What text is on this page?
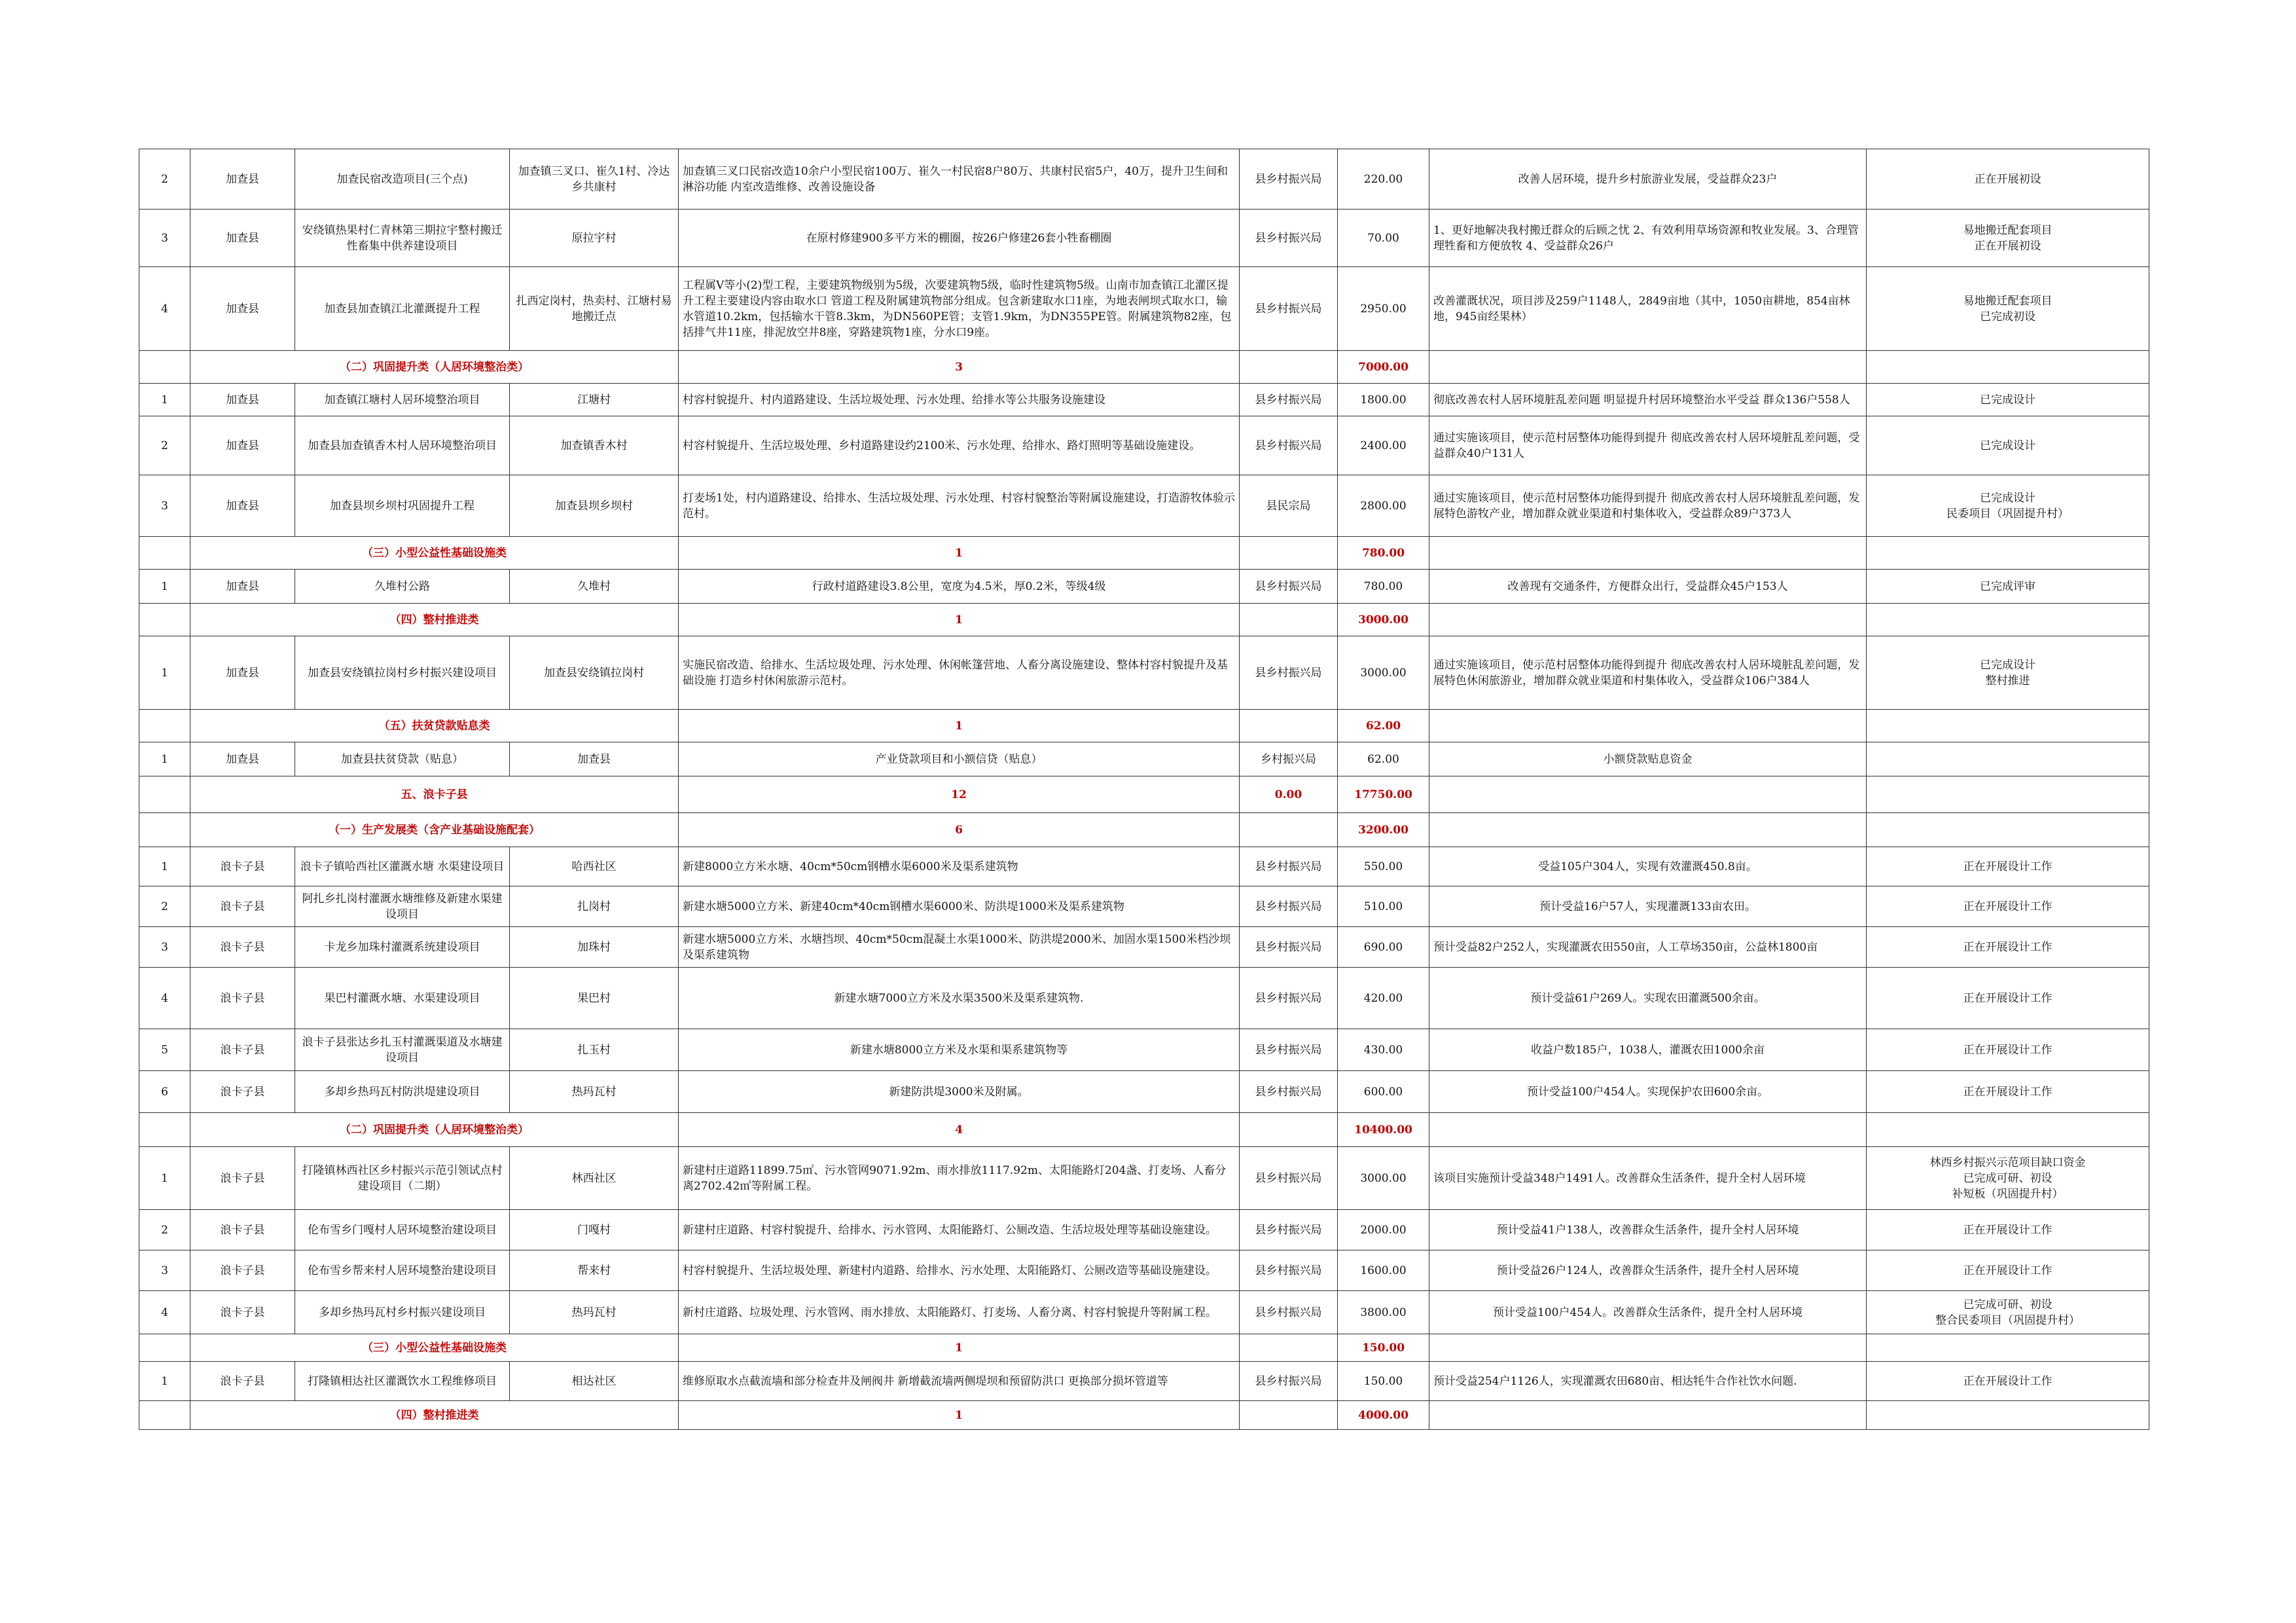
2	加查县	加查民宿改造项目(三个点)	加查镇三叉口、崔久1村、冷达乡共康村	加查镇三叉口民宿改造10余户小型民宿100万、崔久一村民宿8户80万、共康村民宿5户，40万，提升卫生间和淋浴功能 内室改造维修、改善设施设备	县乡村振兴局	220.00	改善人居环境，提升乡村旅游业发展，受益群众23户	正在开展初设
3	加查县	安绕镇热果村仁青林第三期拉宇整村搬迁性畜集中供养建设项目	原拉宇村	在原村修建900多平方米的棚圈，按26户修建26套小牲畜棚圈	县乡村振兴局	70.00	1、更好地解决我村搬迁群众的后顾之忧 2、有效利用草场资源和牧业发展。3、合理管理牲畜和方便放牧 4、受益群众26户	易地搬迁配套项目
正在开展初设
4	加查县	加查县加查镇江北灌溉提升工程	扎西定岗村，热卖村、江塘村易地搬迁点	工程属Ⅴ等小(2)型工程，主要建筑物级别为5级，次要建筑物5级，临时性建筑物5级。山南市加查镇江北灌区提升工程主要建设内容由取水口 管道工程及附属建筑物部分组成。包含新建取水口1座，为地表闸坝式取水口，输水管道10.2km，包括输水干管8.3km，为DN560PE管；支管1.9km，为DN355PE管。附属建筑物82座，包括排气井11座，排泥放空井8座，穿路建筑物1座，分水口9座。	县乡村振兴局	2950.00	改善灌溉状况，项目涉及259户1148人，2849亩地（其中，1050亩耕地，854亩林地，945亩经果林）	易地搬迁配套项目
已完成初设
	（二）巩固提升类（人居环境整治类）			3		7000.00		
1	加查县	加查镇江塘村人居环境整治项目	江塘村	村容村貌提升、村内道路建设、生活垃圾处理、污水处理、给排水等公共服务设施建设	县乡村振兴局	1800.00	彻底改善农村人居环境脏乱差问题 明显提升村居环境整治水平受益 群众136户558人	已完成设计
2	加查县	加查县加查镇香木村人居环境整治项目	加查镇香木村	村容村貌提升、生活垃圾处理、乡村道路建设约2100米、污水处理、给排水、路灯照明等基础设施建设。	县乡村振兴局	2400.00	通过实施该项目，使示范村居整体功能得到提升 彻底改善农村人居环境脏乱差问题，受益群众40户131人	已完成设计
3	加查县	加查县坝乡坝村巩固提升工程	加查县坝乡坝村	打麦场1处，村内道路建设、给排水、生活垃圾处理、污水处理、村容村貌整治等附属设施建设，打造游牧体验示范村。	县民宗局	2800.00	通过实施该项目，使示范村居整体功能得到提升 彻底改善农村人居环境脏乱差问题，发展特色游牧产业，增加群众就业渠道和村集体收入，受益群众89户373人	已完成设计
民委项目（巩固提升村）
	（三）小型公益性基础设施类			1		780.00		
1	加查县	久堆村公路	久堆村	行政村道路建设3.8公里，宽度为4.5米，厚0.2米，等级4级	县乡村振兴局	780.00	改善现有交通条件，方便群众出行，受益群众45户153人	已完成评审
	（四）整村推进类			1		3000.00		
1	加查县	加查县安绕镇拉岗村乡村振兴建设项目	加查县安绕镇拉岗村	实施民宿改造、给排水、生活垃圾处理、污水处理、休闲帐篷营地、人畜分离设施建设、整体村容村貌提升及基础设施 打造乡村休闲旅游示范村。	县乡村振兴局	3000.00	通过实施该项目，使示范村居整体功能得到提升 彻底改善农村人居环境脏乱差问题，发展特色休闲旅游业，增加群众就业渠道和村集体收入，受益群众106户384人	已完成设计
整村推进
	（五）扶贫贷款贴息类			1		62.00		
1	加查县	加查县扶贫贷款（贴息）	加查县	产业贷款项目和小额信贷（贴息）	乡村振兴局	62.00	小额贷款贴息资金	
	五、浪卡子县			12	0.00	17750.00		
	（一）生产发展类（含产业基础设施配套）			6		3200.00		
1	浪卡子县	浪卡子镇哈西社区灌溉水塘 水渠建设项目	哈西社区	新建8000立方米水塘、40cm*50cm钢槽水渠6000米及渠系建筑物	县乡村振兴局	550.00	受益105户304人，实现有效灌溉450.8亩。	正在开展设计工作
2	浪卡子县	阿扎乡扎岗村灌溉水塘维修及新建水渠建设项目	扎岗村	新建水塘5000立方米、新建40cm*40cm钢槽水渠6000米、防洪堤1000米及渠系建筑物	县乡村振兴局	510.00	预计受益16户57人，实现灌溉133亩农田。	正在开展设计工作
3	浪卡子县	卡龙乡加珠村灌溉系统建设项目	加珠村	新建水塘5000立方米、水塘挡坝、40cm*50cm混凝土水渠1000米、防洪堤2000米、加固水渠1500米档沙坝及渠系建筑物	县乡村振兴局	690.00	预计受益82户252人，实现灌溉农田550亩，人工草场350亩，公益林1800亩	正在开展设计工作
4	浪卡子县	果巴村灌溉水塘、水渠建设项目	果巴村	新建水塘7000立方米及水渠3500米及渠系建筑物.	县乡村振兴局	420.00	预计受益61户269人。实现农田灌溉500余亩。	正在开展设计工作
5	浪卡子县	浪卡子县张达乡扎玉村灌溉渠道及水塘建设项目	扎玉村	新建水塘8000立方米及水渠和渠系建筑物等	县乡村振兴局	430.00	收益户数185户，1038人，灌溉农田1000余亩	正在开展设计工作
6	浪卡子县	多却乡热玛瓦村防洪堤建设项目	热玛瓦村	新建防洪堤3000米及附属。	县乡村振兴局	600.00	预计受益100户454人。实现保护农田600余亩。	正在开展设计工作
	（二）巩固提升类（人居环境整治类）			4		10400.00		
1	浪卡子县	打隆镇林西社区乡村振兴示范引领试点村建设项目（二期）	林西社区	新建村庄道路11899.75㎡、污水管网9071.92m、雨水排放1117.92m、太阳能路灯204盏、打麦场、人畜分离2702.42㎡等附属工程。	县乡村振兴局	3000.00	该项目实施预计受益348户1491人。改善群众生活条件，提升全村人居环境	林西乡村振兴示范项目缺口资金
已完成可研、初设
补短板（巩固提升村）
2	浪卡子县	伦布雪乡门嘎村人居环境整治建设项目	门嘎村	新建村庄道路、村容村貌提升、给排水、污水管网、太阳能路灯、公厕改造、生活垃圾处理等基础设施建设。	县乡村振兴局	2000.00	预计受益41户138人，改善群众生活条件，提升全村人居环境	正在开展设计工作
3	浪卡子县	伦布雪乡帮来村人居环境整治建设项目	帮来村	村容村貌提升、生活垃圾处理、新建村内道路、给排水、污水处理、太阳能路灯、公厕改造等基础设施建设。	县乡村振兴局	1600.00	预计受益26户124人，改善群众生活条件，提升全村人居环境	正在开展设计工作
4	浪卡子县	多却乡热玛瓦村乡村振兴建设项目	热玛瓦村	新村庄道路、垃圾处理、污水管网、雨水排放、太阳能路灯、打麦场、人畜分离、村容村貌提升等附属工程。	县乡村振兴局	3800.00	预计受益100户454人。改善群众生活条件，提升全村人居环境	已完成可研、初设
整合民委项目（巩固提升村）
	（三）小型公益性基础设施类			1		150.00		
1	浪卡子县	打隆镇相达社区灌溉饮水工程维修项目	相达社区	维修原取水点截流墙和部分检查井及闸阀井 新增截流墙两侧堤坝和预留防洪口 更换部分损坏管道等	县乡村振兴局	150.00	预计受益254户1126人，实现灌溉农田680亩、相达牦牛合作社饮水问题.	正在开展设计工作
	（四）整村推进类			1		4000.00		
